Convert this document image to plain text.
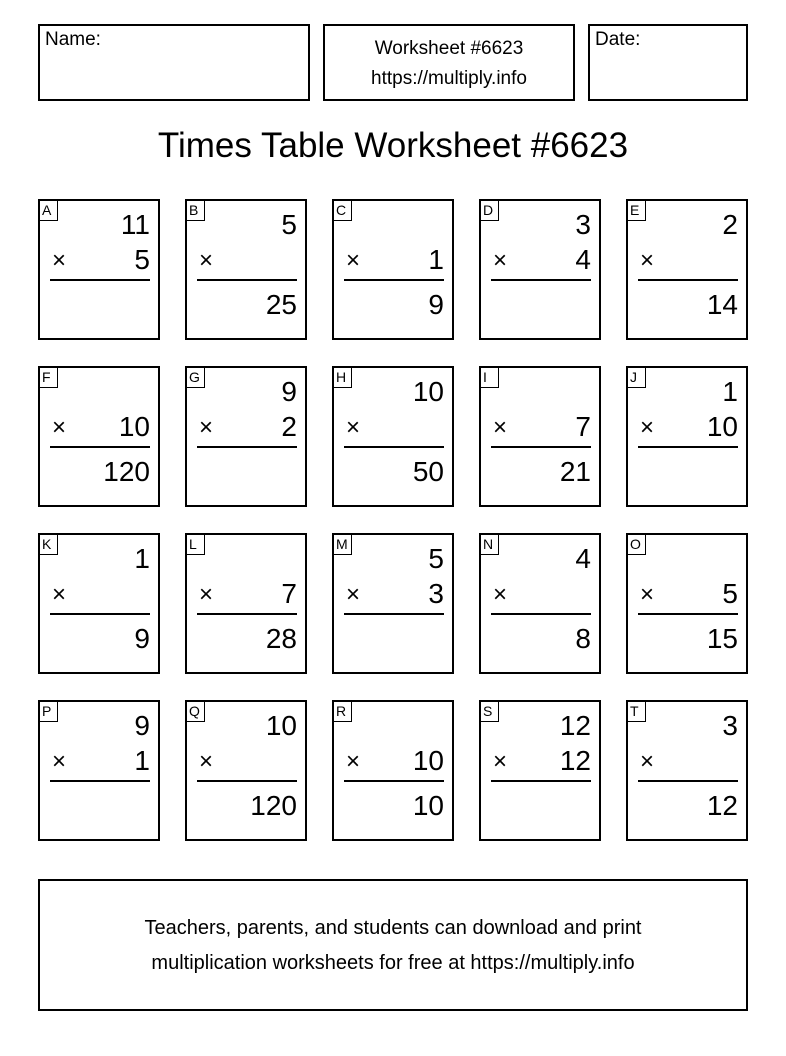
Name:	Worksheet #6623
https://multiply.info
Date:
Times Table Worksheet #6623
A 11
× 5
B	5
×
25
C
× 1
9
D	3
× 4
E	2
×
14
F
× 10
120
G	9
× 2
H 10
×
50
I
× 7
21
J	1
× 10
K	1
×
9
L
× 7
28
M	5
× 3
N	4
×
8
O
× 5
15
P	9
× 1
Q 10
×
120
R
× 10
10
S 12
× 12
T	3
×
12
Teachers, parents, and students can download and print
multiplication worksheets for free at https://multiply.info
